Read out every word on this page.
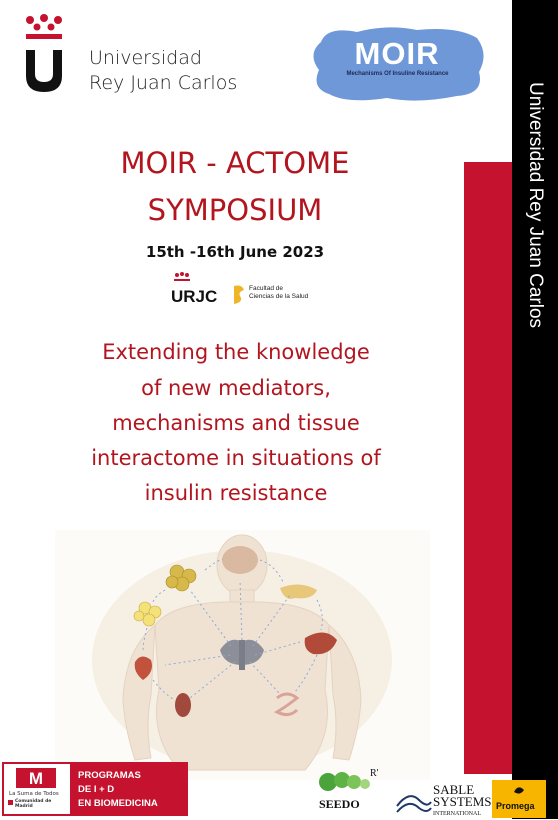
Universidad Rey Juan Carlos
Universidad
Rey Juan Carlos
MOIR
Mechanisms Of Insuline Resistance
MOIR - ACTOME
SYMPOSIUM
15th -16th June 2023
URJC	Facultad de
Ciencias de la Salud
Extending the knowledge
of new mediators,
mechanisms and tissue
interactome in situations of
insulin resistance
M
La Suma de Todos
Comunidad de Madrid
PROGRAMAS
DE I + D
EN BIOMEDICINA
R'
SEEDO
SABLE
SYSTEMS
INTERNATIONAL
Promega
